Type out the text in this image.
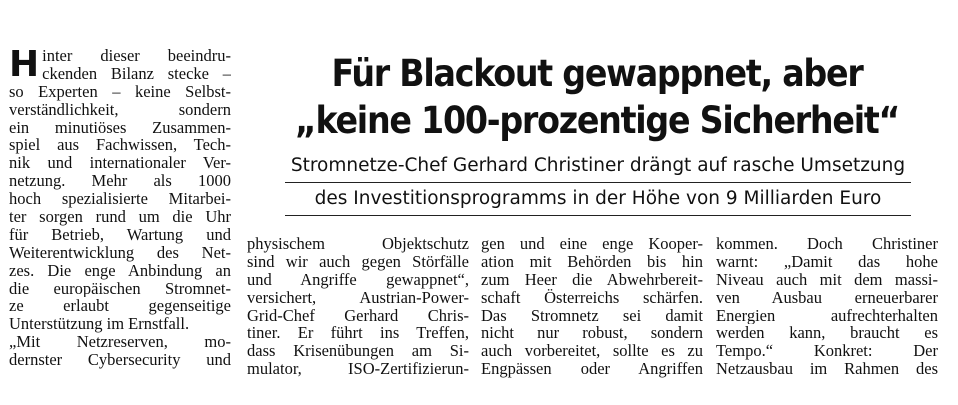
H inter dieser beeindru-
ckenden Bilanz stecke –
so Experten – keine Selbst-
verständlichkeit, sondern
ein minutiöses Zusammen-
spiel aus Fachwissen, Tech-
nik und internationaler Ver-
netzung. Mehr als 1000
hoch spezialisierte Mitarbei-
ter sorgen rund um die Uhr
für Betrieb, Wartung und
Weiterentwicklung des Net-
zes. Die enge Anbindung an
die europäischen Stromnet-
ze erlaubt gegenseitige
Unterstützung im Ernstfall.
„Mit Netzreserven, mo-
dernster Cybersecurity und
Für Blackout gewappnet, aber
„keine 100-prozentige Sicherheit“
Stromnetze-Chef Gerhard Christiner drängt auf rasche Umsetzung
des Investitionsprogramms in der Höhe von 9 Milliarden Euro
physischem Objektschutz
sind wir auch gegen Störfälle
und Angriffe gewappnet“,
versichert, Austrian-Power-
Grid-Chef Gerhard Chris-
tiner. Er führt ins Treffen,
dass Krisenübungen am Si-
mulator, ISO-Zertifizierun-
gen und eine enge Kooper-
ation mit Behörden bis hin
zum Heer die Abwehrbereit-
schaft Österreichs schärfen.
Das Stromnetz sei damit
nicht nur robust, sondern
auch vorbereitet, sollte es zu
Engpässen oder Angriffen
kommen. Doch Christiner
warnt: „Damit das hohe
Niveau auch mit dem massi-
ven Ausbau erneuerbarer
Energien aufrechterhalten
werden kann, braucht es
Tempo.“ Konkret: Der
Netzausbau im Rahmen des
